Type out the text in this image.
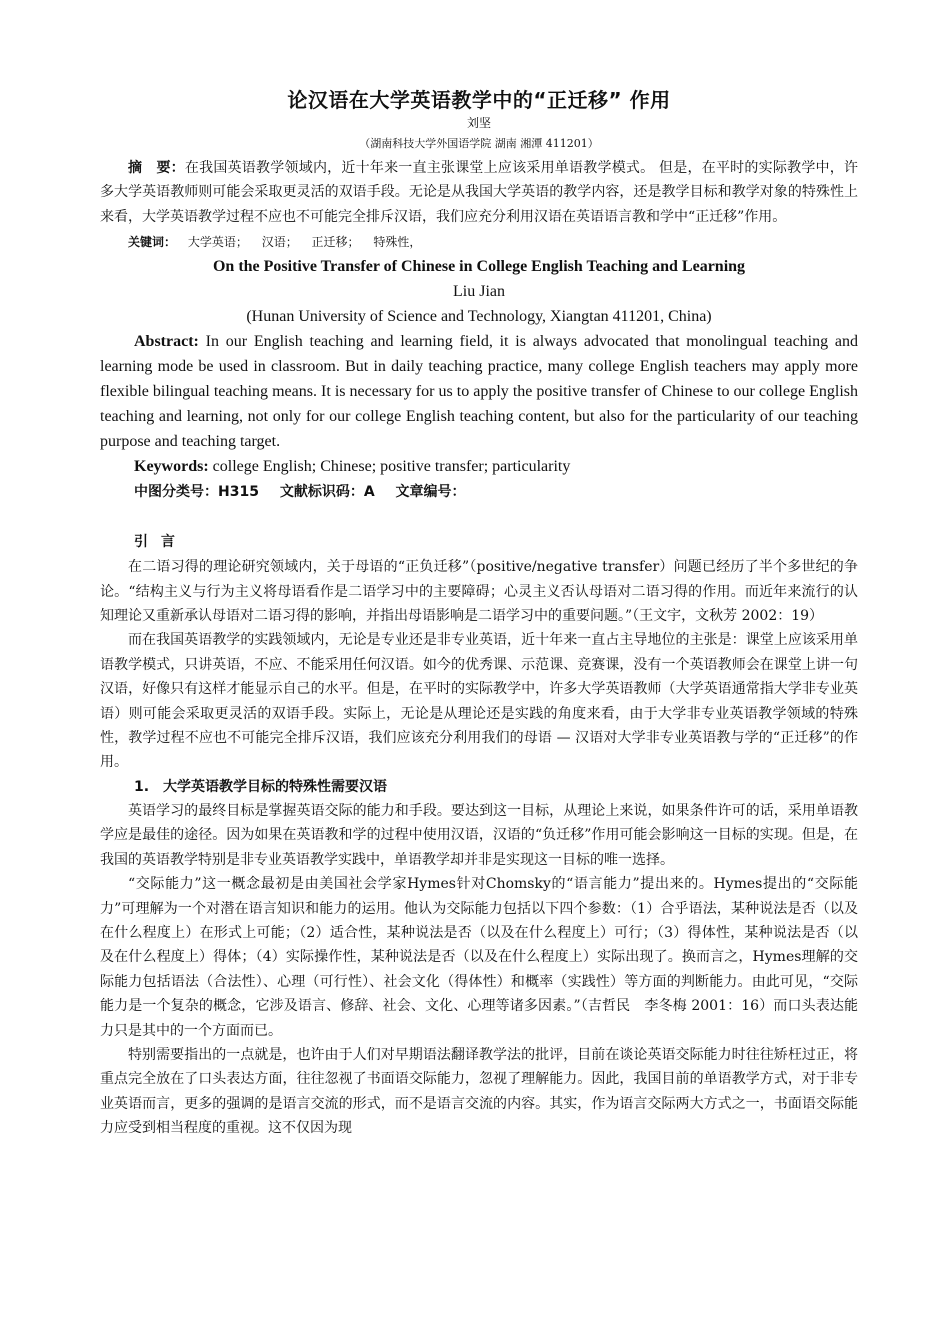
论汉语在大学英语教学中的“正迁移” 作用

刘坚

（湖南科技大学外国语学院 湖南 湘潭 411201）

摘　要：在我国英语教学领域内，近十年来一直主张课堂上应该采用单语教学模式。 但是，在平时的实际教学中，许多大学英语教师则可能会采取更灵活的双语手段。无论是从我国大学英语的教学内容，还是教学目标和教学对象的特殊性上来看，大学英语教学过程不应也不可能完全排斥汉语，我们应充分利用汉语在英语语言教和学中“正迁移”作用。

关键词： 大学英语； 汉语； 正迁移； 特殊性，

On the Positive Transfer of Chinese in College English Teaching and Learning

Liu Jian

(Hunan University of Science and Technology, Xiangtan 411201, China)

Abstract: In our English teaching and learning field, it is always advocated that monolingual teaching and learning mode be used in classroom. But in daily teaching practice, many college English teachers may apply more flexible bilingual teaching means. It is necessary for us to apply the positive transfer of Chinese to our college English teaching and learning, not only for our college English teaching content, but also for the particularity of our teaching purpose and teaching target.

Keywords: college English; Chinese; positive transfer; particularity

中图分类号：H315 文献标识码：A 文章编号：

引 言

在二语习得的理论研究领域内，关于母语的“正负迁移”（positive/negative transfer）问题已经历了半个多世纪的争论。“结构主义与行为主义将母语看作是二语学习中的主要障碍；心灵主义否认母语对二语习得的作用。而近年来流行的认知理论又重新承认母语对二语习得的影响，并指出母语影响是二语学习中的重要问题。”（王文宇，文秋芳 2002：19）

而在我国英语教学的实践领域内，无论是专业还是非专业英语，近十年来一直占主导地位的主张是：课堂上应该采用单语教学模式，只讲英语，不应、不能采用任何汉语。如今的优秀课、示范课、竞赛课，没有一个英语教师会在课堂上讲一句汉语，好像只有这样才能显示自己的水平。但是，在平时的实际教学中，许多大学英语教师（大学英语通常指大学非专业英语）则可能会采取更灵活的双语手段。实际上，无论是从理论还是实践的角度来看，由于大学非专业英语教学领域的特殊性，教学过程不应也不可能完全排斥汉语，我们应该充分利用我们的母语 — 汉语对大学非专业英语教与学的“正迁移”的作用。

1.　大学英语教学目标的特殊性需要汉语

英语学习的最终目标是掌握英语交际的能力和手段。要达到这一目标，从理论上来说，如果条件许可的话，采用单语教学应是最佳的途径。因为如果在英语教和学的过程中使用汉语，汉语的“负迁移”作用可能会影响这一目标的实现。但是，在我国的英语教学特别是非专业英语教学实践中，单语教学却并非是实现这一目标的唯一选择。

“交际能力”这一概念最初是由美国社会学家Hymes针对Chomsky的“语言能力”提出来的。Hymes提出的“交际能力”可理解为一个对潜在语言知识和能力的运用。他认为交际能力包括以下四个参数：（1）合乎语法，某种说法是否（以及在什么程度上）在形式上可能；（2）适合性，某种说法是否（以及在什么程度上）可行；（3）得体性，某种说法是否（以及在什么程度上）得体；（4）实际操作性，某种说法是否（以及在什么程度上）实际出现了。换而言之，Hymes理解的交际能力包括语法（合法性）、心理（可行性）、社会文化（得体性）和概率（实践性）等方面的判断能力。由此可见，“交际能力是一个复杂的概念，它涉及语言、修辞、社会、文化、心理等诸多因素。”（吉哲民　李冬梅 2001：16）而口头表达能力只是其中的一个方面而已。

特别需要指出的一点就是，也许由于人们对早期语法翻译教学法的批评，目前在谈论英语交际能力时往往矫枉过正，将重点完全放在了口头表达方面，往往忽视了书面语交际能力，忽视了理解能力。因此，我国目前的单语教学方式，对于非专业英语而言，更多的强调的是语言交流的形式，而不是语言交流的内容。其实，作为语言交际两大方式之一，书面语交际能力应受到相当程度的重视。这不仅因为现
